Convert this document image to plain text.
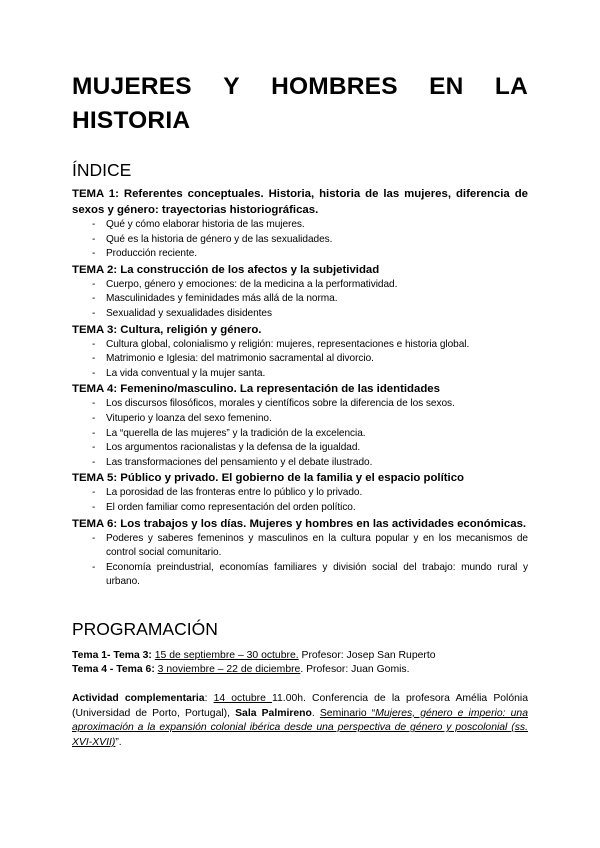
MUJERES Y HOMBRES EN LA
HISTORIA
ÍNDICE

TEMA 1: Referentes conceptuales. Historia, historia de las mujeres, diferencia de sexos y género: trayectorias historiográficas.

- Qué y cómo elaborar historia de las mujeres.
- Qué es la historia de género y de las sexualidades.
- Producción reciente.

TEMA 2: La construcción de los afectos y la subjetividad

- Cuerpo, género y emociones: de la medicina a la performatividad.
- Masculinidades y feminidades más allá de la norma.
- Sexualidad y sexualidades disidentes

TEMA 3: Cultura, religión y género.

- Cultura global, colonialismo y religión: mujeres, representaciones e historia global.
- Matrimonio e Iglesia: del matrimonio sacramental al divorcio.
- La vida conventual y la mujer santa.

TEMA 4: Femenino/masculino. La representación de las identidades

- Los discursos filosóficos, morales y científicos sobre la diferencia de los sexos.
- Vituperio y loanza del sexo femenino.
- La “querella de las mujeres” y la tradición de la excelencia.
- Los argumentos racionalistas y la defensa de la igualdad.
- Las transformaciones del pensamiento y el debate ilustrado.

TEMA 5: Público y privado. El gobierno de la familia y el espacio político

- La porosidad de las fronteras entre lo público y lo privado.
- El orden familiar como representación del orden político.

TEMA 6: Los trabajos y los días. Mujeres y hombres en las actividades económicas.

- Poderes y saberes femeninos y masculinos en la cultura popular y en los mecanismos de control social comunitario.
- Economía preindustrial, economías familiares y división social del trabajo: mundo rural y urbano.
PROGRAMACIÓN
Tema 1- Tema 3: 15 de septiembre – 30 octubre. Profesor: Josep San Ruperto
Tema 4 - Tema 6: 3 noviembre – 22 de diciembre. Profesor: Juan Gomis.
Actividad complementaria: 14 octubre 11.00h. Conferencia de la profesora Amélia Polónia (Universidad de Porto, Portugal), Sala Palmireno. Seminario “Mujeres, género e imperio: una aproximación a la expansión colonial ibérica desde una perspectiva de género y poscolonial (ss. XVI-XVII)”.
